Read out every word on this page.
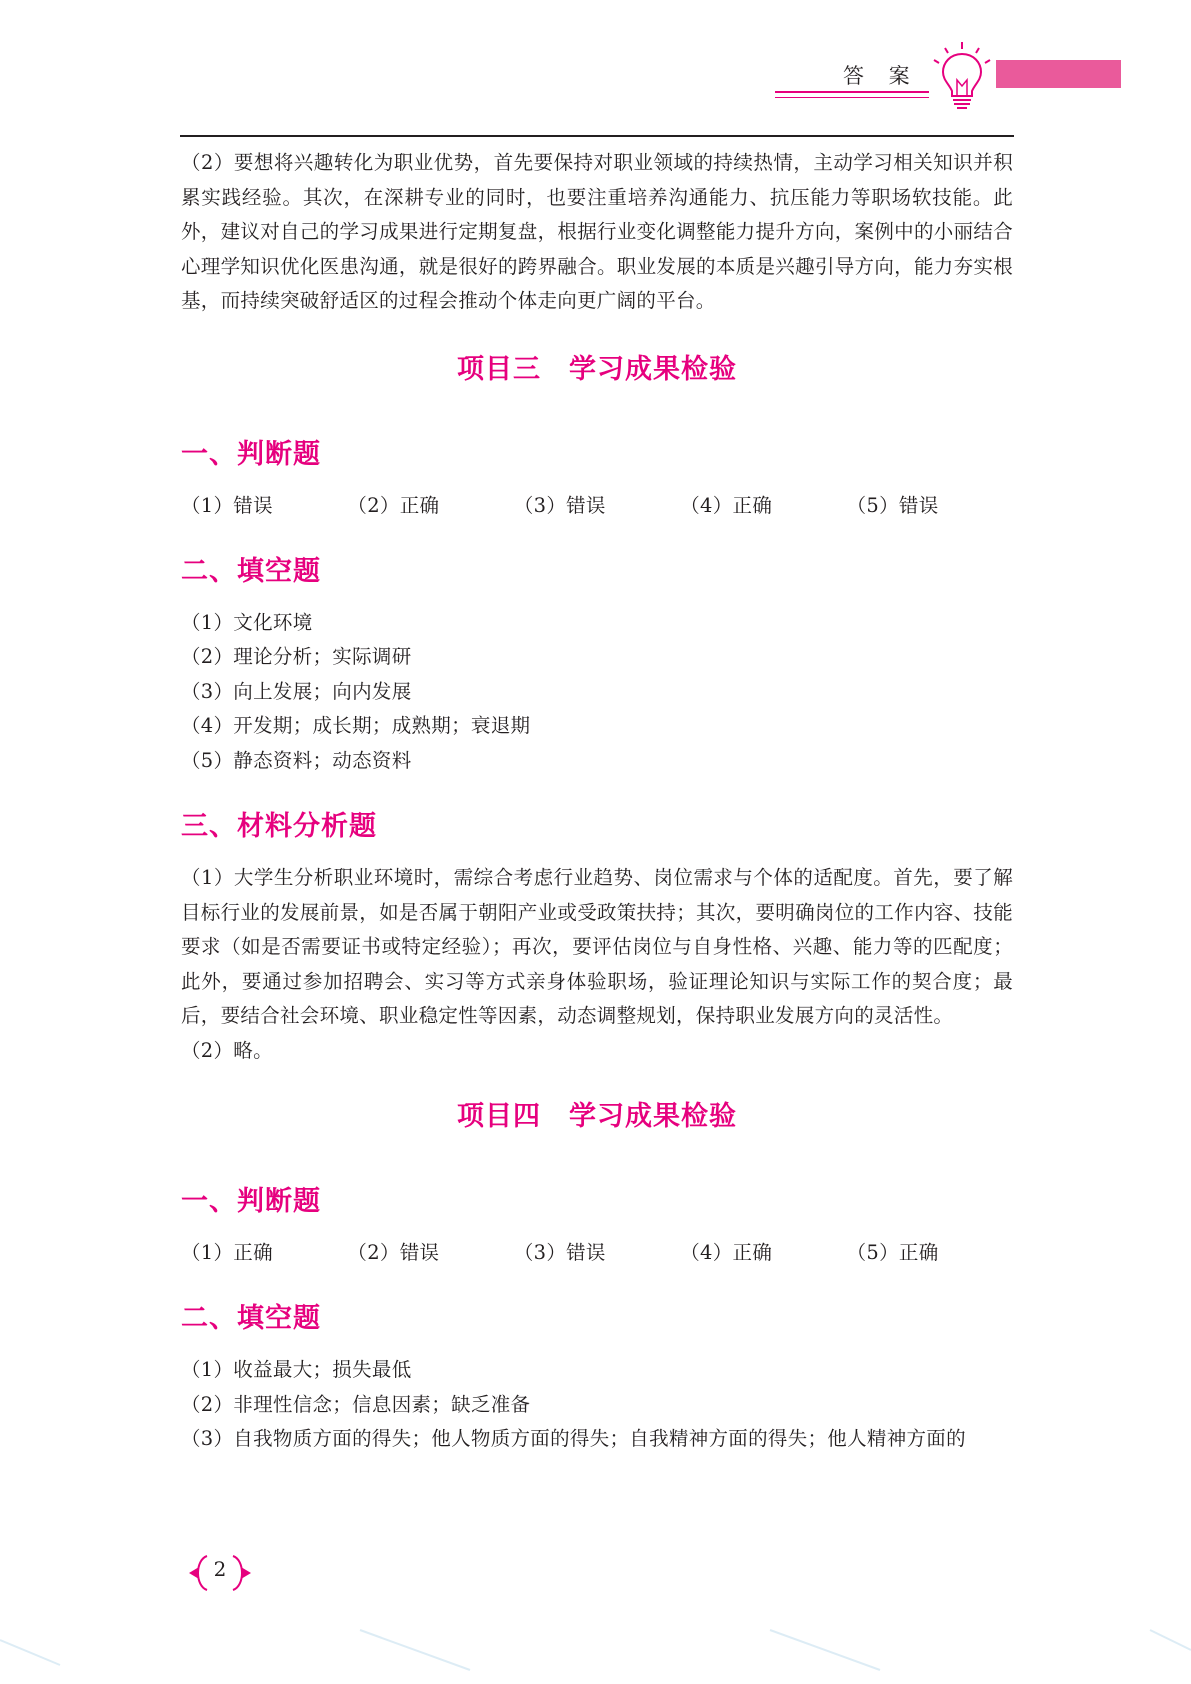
答 案

（2）要想将兴趣转化为职业优势，首先要保持对职业领域的持续热情，主动学习相关知识并积累实践经验。其次，在深耕专业的同时，也要注重培养沟通能力、抗压能力等职场软技能。此外，建议对自己的学习成果进行定期复盘，根据行业变化调整能力提升方向，案例中的小丽结合心理学知识优化医患沟通，就是很好的跨界融合。职业发展的本质是兴趣引导方向，能力夯实根基，而持续突破舒适区的过程会推动个体走向更广阔的平台。

项目三　学习成果检验

一、判断题

（1）错误	（2）正确	（3）错误	（4）正确	（5）错误

二、填空题

（1）文化环境

（2）理论分析；实际调研

（3）向上发展；向内发展

（4）开发期；成长期；成熟期；衰退期

（5）静态资料；动态资料

三、材料分析题

（1）大学生分析职业环境时，需综合考虑行业趋势、岗位需求与个体的适配度。首先，要了解目标行业的发展前景，如是否属于朝阳产业或受政策扶持；其次，要明确岗位的工作内容、技能要求（如是否需要证书或特定经验）；再次，要评估岗位与自身性格、兴趣、能力等的匹配度；此外，要通过参加招聘会、实习等方式亲身体验职场，验证理论知识与实际工作的契合度；最后，要结合社会环境、职业稳定性等因素，动态调整规划，保持职业发展方向的灵活性。

（2）略。

项目四　学习成果检验

一、判断题

（1）正确	（2）错误	（3）错误	（4）正确	（5）正确

二、填空题

（1）收益最大；损失最低

（2）非理性信念；信息因素；缺乏准备

（3）自我物质方面的得失；他人物质方面的得失；自我精神方面的得失；他人精神方面的

2
